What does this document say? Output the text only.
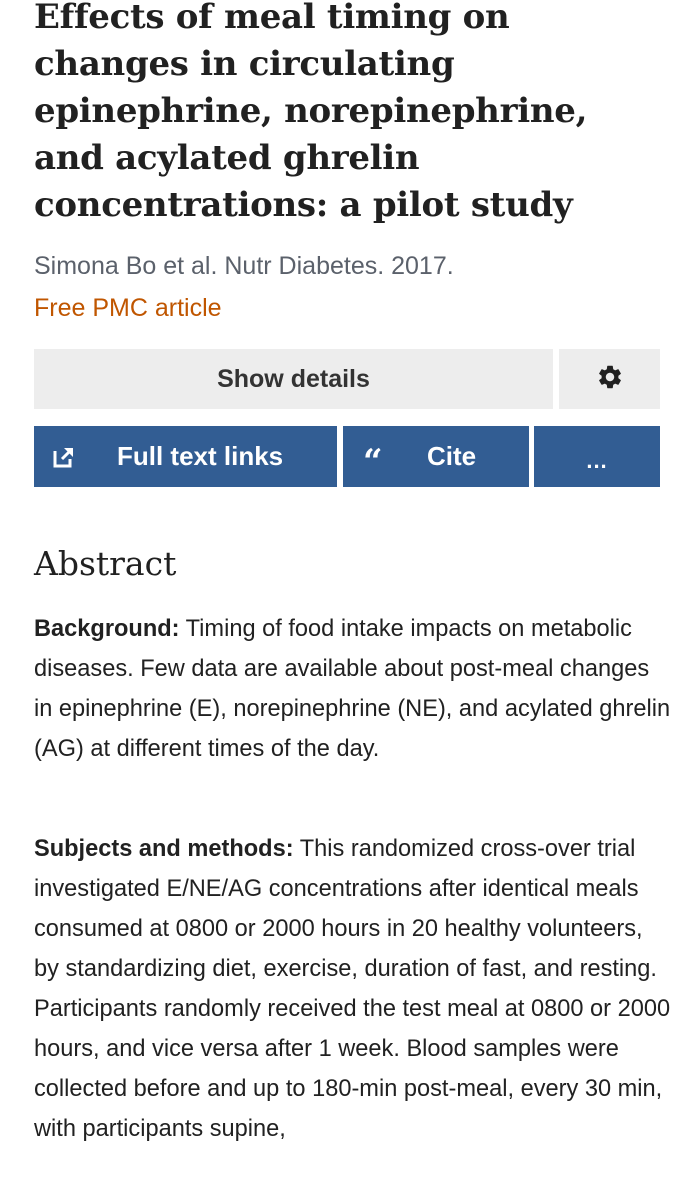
Effects of meal timing on changes in circulating epinephrine, norepinephrine, and acylated ghrelin concentrations: a pilot study
Simona Bo et al. Nutr Diabetes. 2017.
Free PMC article
Show details
Full text links “ Cite	...
Abstract

Background: Timing of food intake impacts on metabolic diseases. Few data are available about post-meal changes in epinephrine (E), norepinephrine (NE), and acylated ghrelin (AG) at different times of the day.

Subjects and methods: This randomized cross-over trial investigated E/NE/AG concentrations after identical meals consumed at 0800 or 2000 hours in 20 healthy volunteers, by standardizing diet, exercise, duration of fast, and resting. Participants randomly received the test meal at 0800 or 2000 hours, and vice versa after 1 week. Blood samples were collected before and up to 180-min post-meal, every 30 min, with participants supine,
